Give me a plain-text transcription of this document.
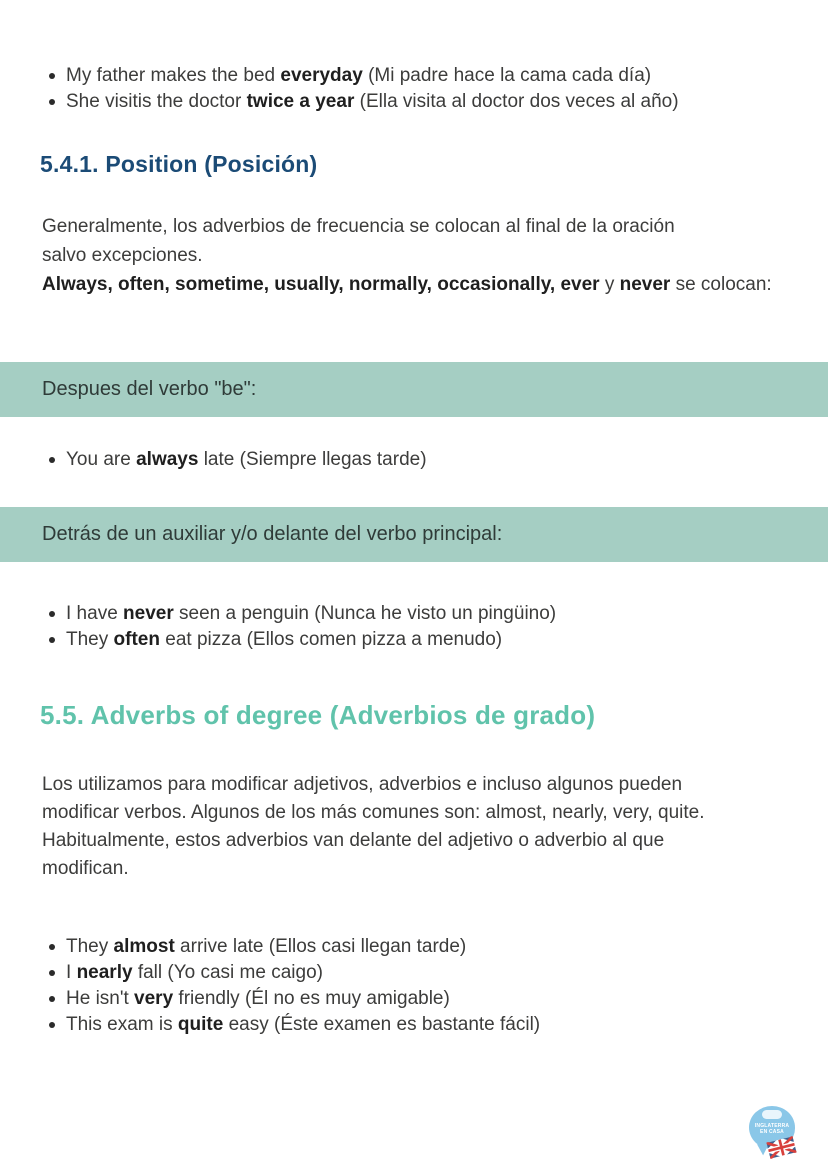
My father makes the bed everyday (Mi padre hace la cama cada día)
She visitis the doctor twice a year (Ella visita al doctor dos veces al año)
5.4.1. Position (Posición)
Generalmente, los adverbios de frecuencia se colocan al final de la oración salvo excepciones.
Always, often, sometime, usually, normally, occasionally, ever y never se colocan:
Despues del verbo "be":
You are always late (Siempre llegas tarde)
Detrás de un auxiliar y/o delante del verbo principal:
I have never seen a penguin (Nunca he visto un pingüino)
They often eat pizza (Ellos comen pizza a menudo)
5.5. Adverbs of degree (Adverbios de grado)
Los utilizamos para modificar adjetivos, adverbios e incluso algunos pueden modificar verbos. Algunos de los más comunes son: almost, nearly, very, quite. Habitualmente, estos adverbios van delante del adjetivo o adverbio al que modifican.
They almost arrive late (Ellos casi llegan tarde)
I nearly fall (Yo casi me caigo)
He isn't very friendly (Él no es muy amigable)
This exam is quite easy (Éste examen es bastante fácil)
INGLATERRA
EN CASA
